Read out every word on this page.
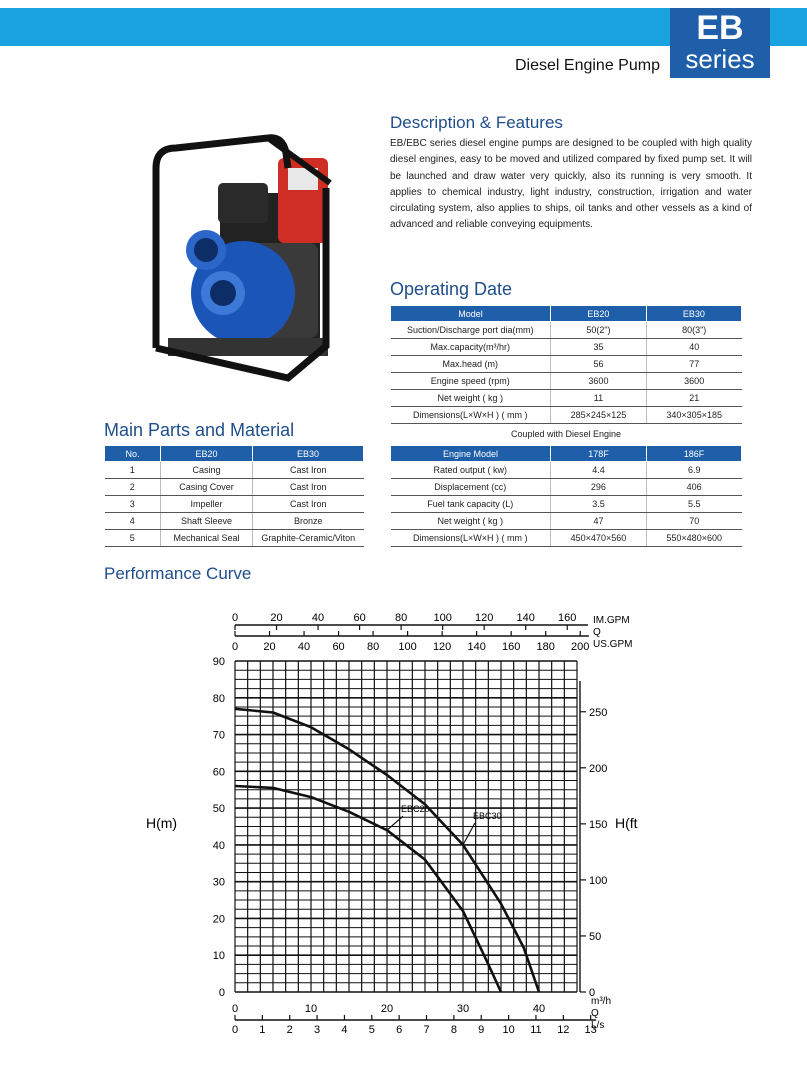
EB
series
Diesel Engine Pump
Description & Features
EB/EBC series diesel engine pumps are designed to be coupled with high quality diesel engines, easy to be moved and utilized compared by fixed pump set. It will be launched and draw water very quickly, also its running is very smooth. It applies to chemical industry, light industry, construction, irrigation and water circulating system, also applies to ships, oil tanks and other vessels as a kind of advanced and reliable conveying equipments.
Operating Date
Model	EB20	EB30
Suction/Discharge port dia(mm)	50(2")	80(3")
Max.capacity(m³/hr)	35	40
Max.head (m)	56	77
Engine speed (rpm)	3600	3600
Net weight ( kg )	11	21
Dimensions(L×W×H ) ( mm )	285×245×125	340×305×185
Coupled with Diesel Engine
Engine Model	178F	186F
Rated output ( kw)	4.4	6.9
Displacement (cc)	296	406
Fuel tank capacity (L)	3.5	5.5
Net weight ( kg )	47	70
Dimensions(L×W×H ) ( mm )	450×470×560	550×480×600
Main Parts and Material
No.	EB20	EB30
1	Casing	Cast Iron
2	Casing Cover	Cast Iron
3	Impeller	Cast Iron
4	Shaft Sleeve	Bronze
5	Mechanical Seal	Graphite-Ceramic/Viton
Performance Curve
0
10
20
30
40
50
60
70
80
90
H(m)
0
50
100
150
200
250
H(ft
0	10	20	30	40
m³/h
Q
L/s
0 1 2 3 4 5 6 7 8 9 10 11 12 13
0	20	40	60	80 100 120 140 160
0 20 40 60 80 100 120 140 160 180 200
IM.GPM
Q
US.GPM
EBC20
EBC30
